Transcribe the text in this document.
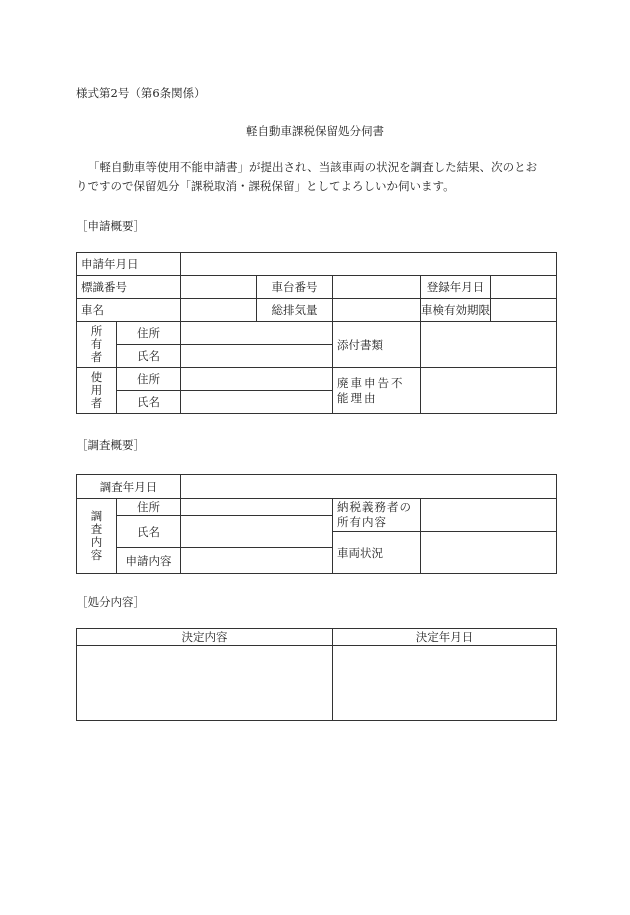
様式第2号（第6条関係）
軽自動車課税保留処分伺書
「軽自動車等使用不能申請書」が提出され、当該車両の状況を調査した結果、次のとお
りですので保留処分「課税取消・課税保留」としてよろしいか伺います。
［申請概要］
申請年月日						
標識番号			車台番号		登録年月日	
車名			総排気量		車検有効期限	

所
有
者	住所			添付書類		
	氏名					

使
用
者	住所			廃車申告不能理由		
	氏名					
［調査概要］
調査年月日				

調
査
内
容	住所		納税義務者の所有内容	
	氏名			
			車両状況	
	申請内容			
［処分内容］
決定内容	決定年月日
